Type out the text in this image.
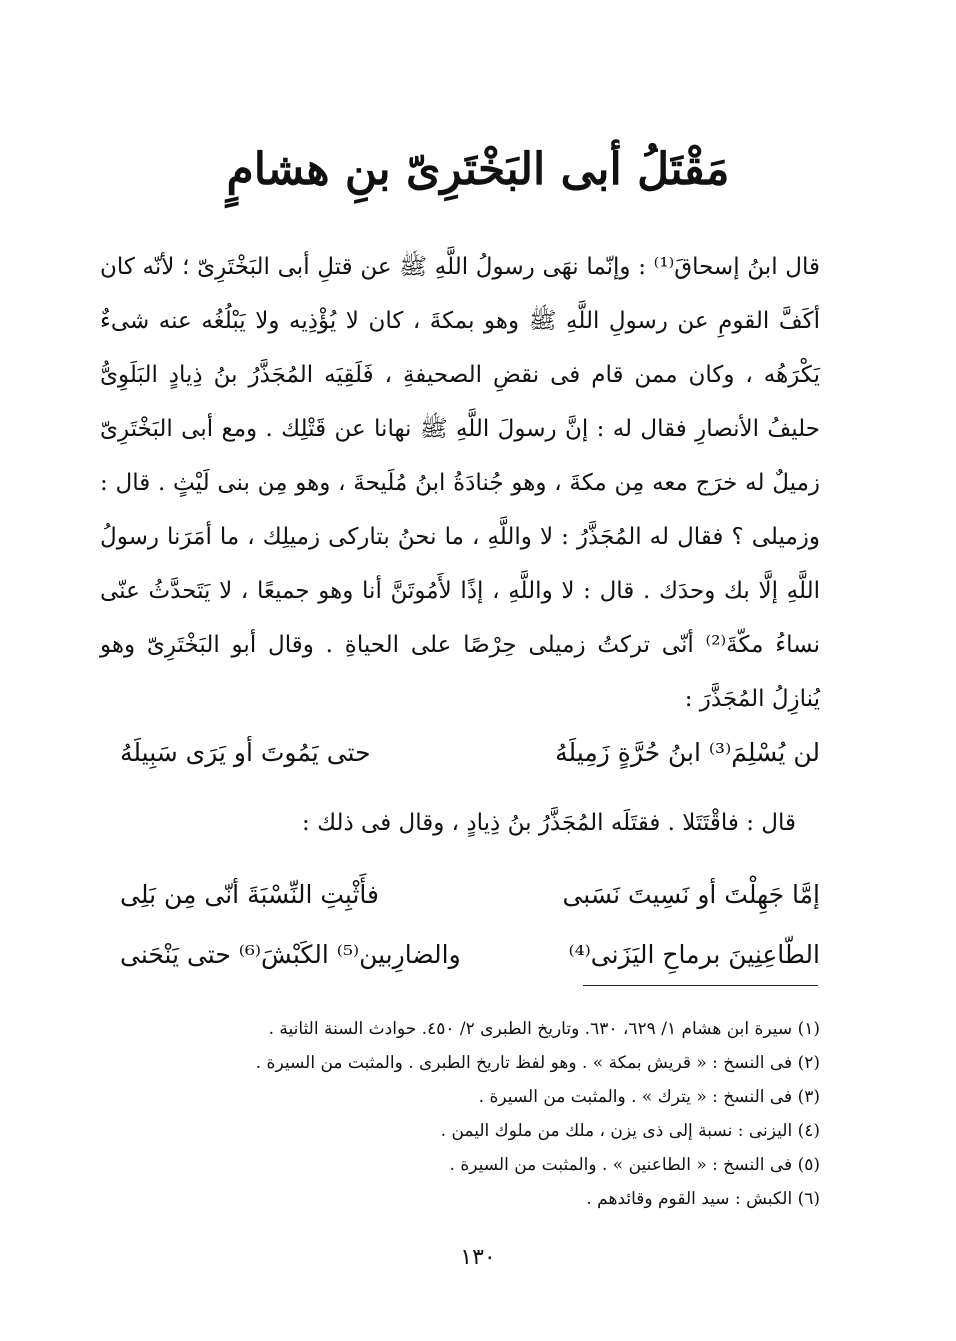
مَقْتَلُ أبى البَخْتَرِىّ بنِ هشامٍ

قال ابنُ إسحاقَ⁽¹⁾ : وإنّما نهَى رسولُ اللَّهِ ﷺ عن قتلِ أبى البَخْتَرِىّ ؛ لأنّه كان أكَفَّ القومِ عن رسولِ اللَّهِ ﷺ وهو بمكةَ ، كان لا يُؤْذِيه ولا يَبْلُغُه عنه شىءٌ يَكْرَهُه ، وكان ممن قام فى نقضِ الصحيفةِ ، فَلَقِيَه المُجَذَّرُ بنُ ذِيادٍ البَلَوِىُّ حليفُ الأنصارِ فقال له : إنَّ رسولَ اللَّهِ ﷺ نهانا عن قَتْلِك . ومع أبى البَخْتَرِىّ زميلٌ له خرَج معه مِن مكةَ ، وهو جُنادَةُ ابنُ مُلَيحةَ ، وهو مِن بنى لَيْثٍ . قال : وزميلى ؟ فقال له المُجَذَّرُ : لا واللَّهِ ، ما نحنُ بتاركى زميلِك ، ما أمَرَنا رسولُ اللَّهِ إلَّا بك وحدَك . قال : لا واللَّهِ ، إذًا لأَمُوتَنَّ أنا وهو جميعًا ، لا يَتَحدَّثُ عنّى نساءُ مكّةَ⁽²⁾ أنّى تركتُ زميلى حِرْصًا على الحياةِ . وقال أبو البَخْتَرِىّ وهو يُنازِلُ المُجَذَّرَ :

لن يُسْلِمَ⁽³⁾ ابنُ حُرَّةٍ زَمِيلَهُ
حتى يَمُوتَ أو يَرَى سَبِيلَهُ
قال : فاقْتَتَلا . فقتَلَه المُجَذَّرُ بنُ ذِيادٍ ، وقال فى ذلك :
إمَّا جَهِلْتَ أو نَسِيتَ نَسَبى
فأَثْبِتِ النِّسْبَةَ أنّى مِن بَلِى
الطّاعِنِينَ برماحِ اليَزَنى⁽⁴⁾
والضارِبين⁽⁵⁾ الكَبْشَ⁽⁶⁾ حتى يَنْحَنى
(١) سيرة ابن هشام ١/ ٦٢٩، ٦٣٠. وتاريخ الطبرى ٢/ ٤٥٠. حوادث السنة الثانية .
(٢) فى النسخ : « قريش بمكة » . وهو لفظ تاريخ الطبرى . والمثبت من السيرة .
(٣) فى النسخ : « يترك » . والمثبت من السيرة .
(٤) اليزنى : نسبة إلى ذى يزن ، ملك من ملوك اليمن .
(٥) فى النسخ : « الطاعنين » . والمثبت من السيرة .
(٦) الكبش : سيد القوم وقائدهم .
١٣٠
